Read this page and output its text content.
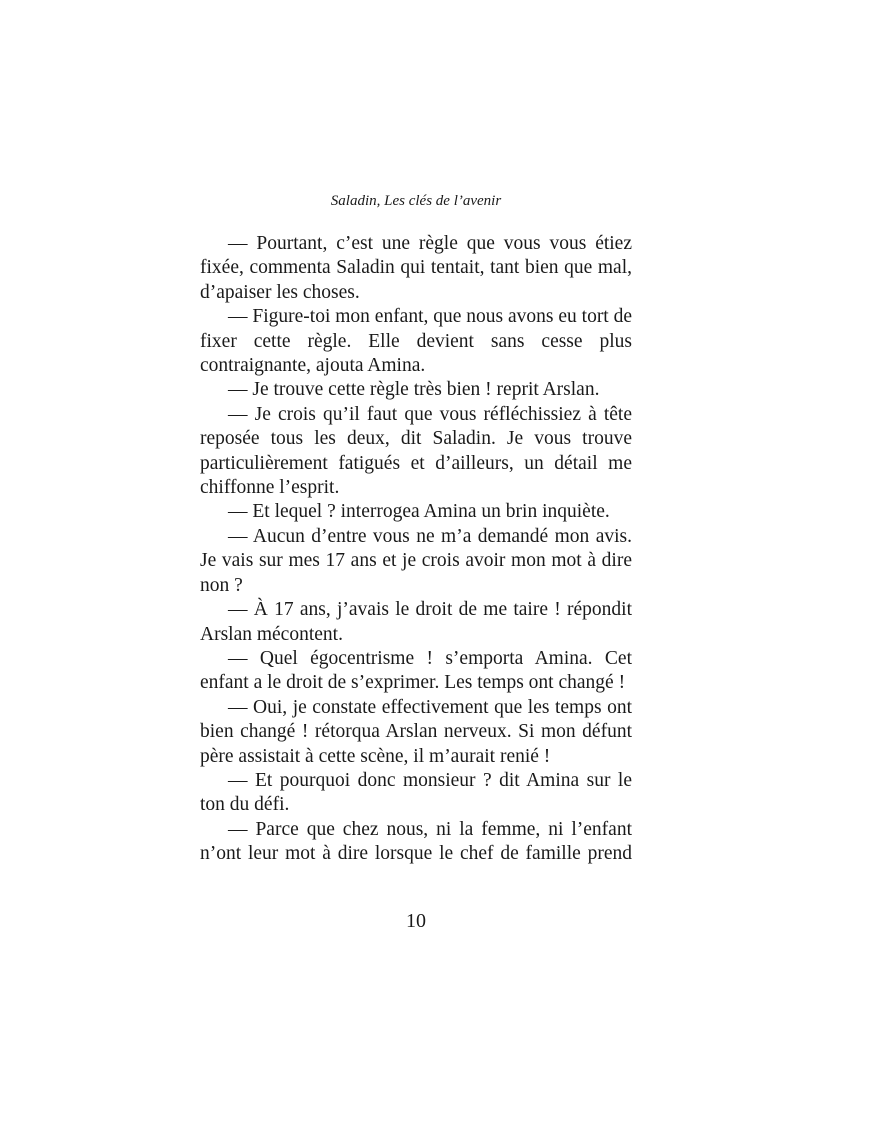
Saladin, Les clés de l’avenir

— Pourtant, c’est une règle que vous vous étiez fixée, commenta Saladin qui tentait, tant bien que mal, d’apaiser les choses.

— Figure-toi mon enfant, que nous avons eu tort de fixer cette règle. Elle devient sans cesse plus contraignante, ajouta Amina.

— Je trouve cette règle très bien ! reprit Arslan.

— Je crois qu’il faut que vous réfléchissiez à tête reposée tous les deux, dit Saladin. Je vous trouve particulièrement fatigués et d’ailleurs, un détail me chiffonne l’esprit.

— Et lequel ? interrogea Amina un brin inquiète.

— Aucun d’entre vous ne m’a demandé mon avis. Je vais sur mes 17 ans et je crois avoir mon mot à dire non ?

— À 17 ans, j’avais le droit de me taire ! répondit Arslan mécontent.

— Quel égocentrisme ! s’emporta Amina. Cet enfant a le droit de s’exprimer. Les temps ont changé !

— Oui, je constate effectivement que les temps ont bien changé ! rétorqua Arslan nerveux. Si mon défunt père assistait à cette scène, il m’aurait renié !

— Et pourquoi donc monsieur ? dit Amina sur le ton du défi.

— Parce que chez nous, ni la femme, ni l’enfant n’ont leur mot à dire lorsque le chef de famille prend

10
